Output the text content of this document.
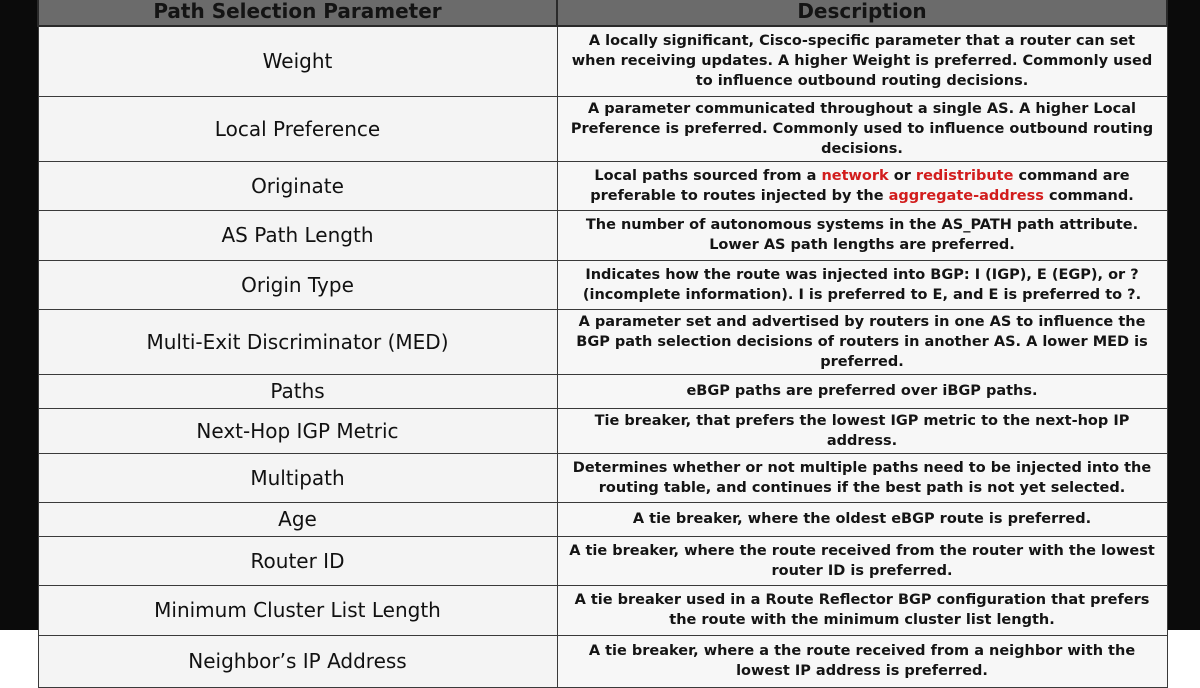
Path Selection Parameter	Description
Weight	A locally significant, Cisco-specific parameter that a router can set when receiving updates. A higher Weight is preferred. Commonly used to influence outbound routing decisions.
Local Preference	A parameter communicated throughout a single AS. A higher Local Preference is preferred. Commonly used to influence outbound routing decisions.
Originate	Local paths sourced from a network or redistribute command are preferable to routes injected by the aggregate-address command.
AS Path Length	The number of autonomous systems in the AS_PATH path attribute. Lower AS path lengths are preferred.
Origin Type	Indicates how the route was injected into BGP: I (IGP), E (EGP), or ? (incomplete information). I is preferred to E, and E is preferred to ?.
Multi-Exit Discriminator (MED)	A parameter set and advertised by routers in one AS to influence the BGP path selection decisions of routers in another AS. A lower MED is preferred.
Paths	eBGP paths are preferred over iBGP paths.
Next-Hop IGP Metric	Tie breaker, that prefers the lowest IGP metric to the next-hop IP address.
Multipath	Determines whether or not multiple paths need to be injected into the routing table, and continues if the best path is not yet selected.
Age	A tie breaker, where the oldest eBGP route is preferred.
Router ID	A tie breaker, where the route received from the router with the lowest router ID is preferred.
Minimum Cluster List Length	A tie breaker used in a Route Reflector BGP configuration that prefers the route with the minimum cluster list length.
Neighbor’s IP Address	A tie breaker, where a the route received from a neighbor with the lowest IP address is preferred.
